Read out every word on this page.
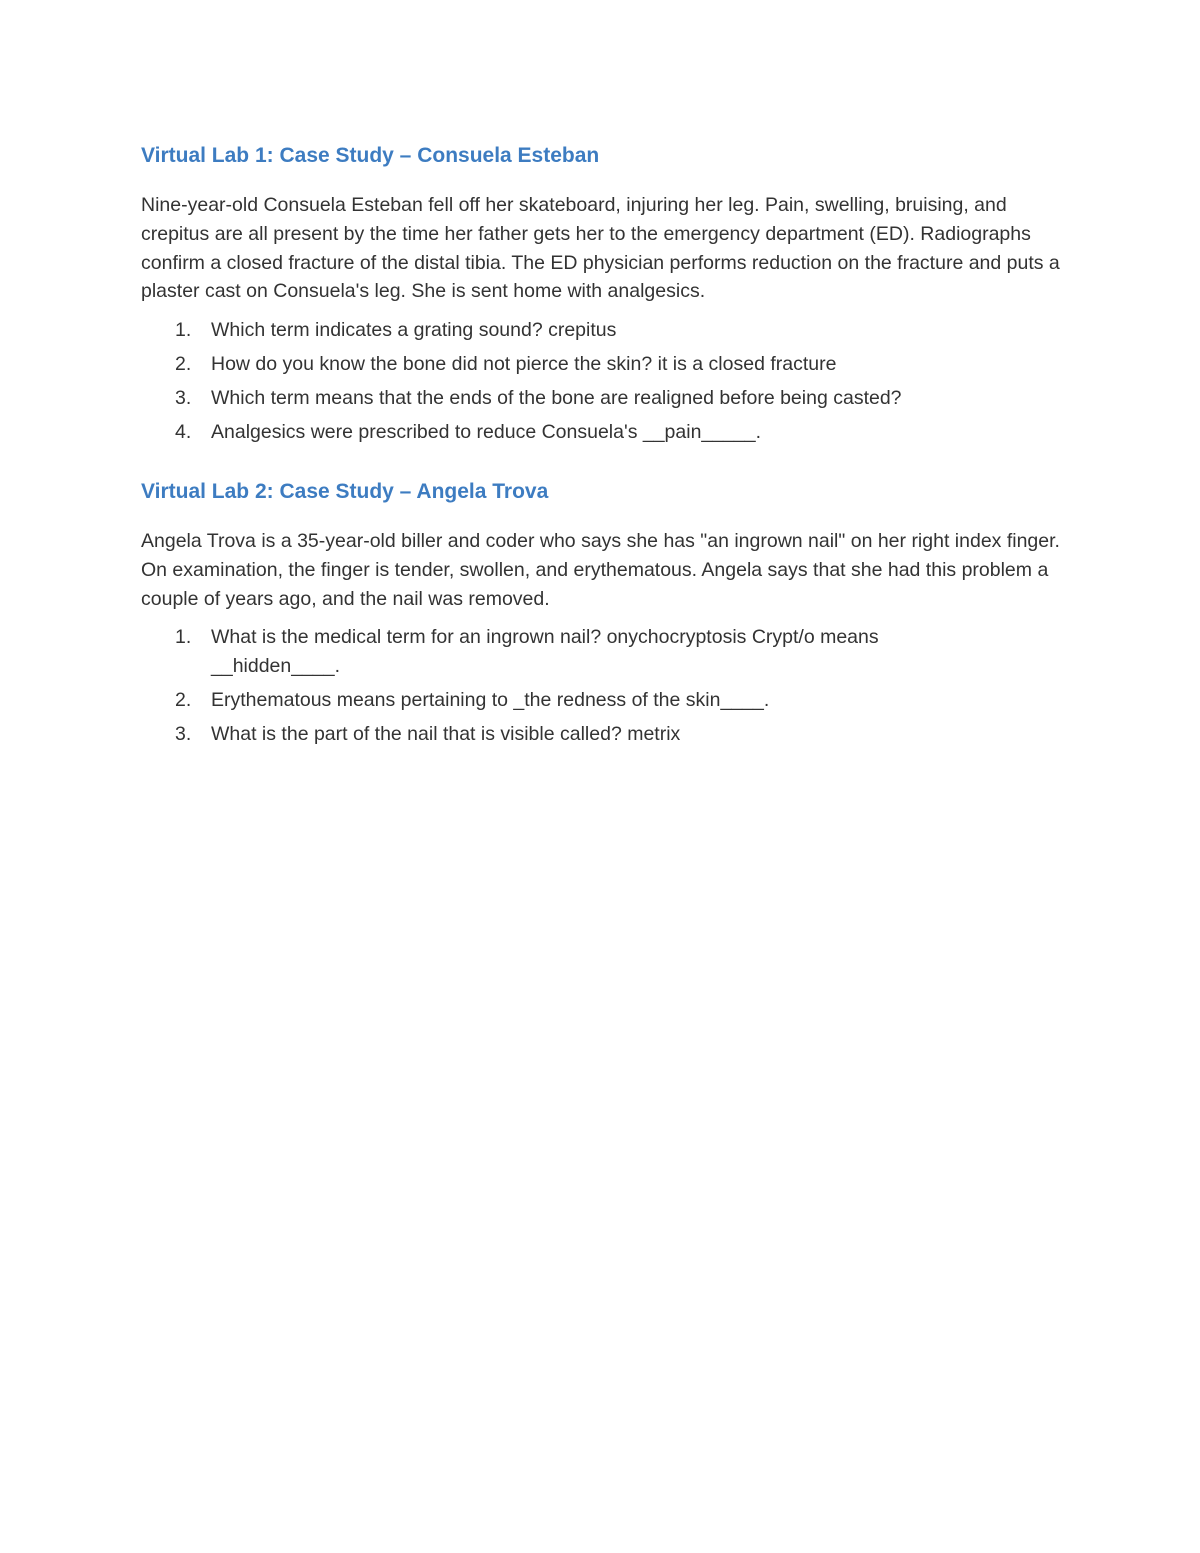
Virtual Lab 1: Case Study – Consuela Esteban

Nine-year-old Consuela Esteban fell off her skateboard, injuring her leg. Pain, swelling, bruising, and crepitus are all present by the time her father gets her to the emergency department (ED). Radiographs confirm a closed fracture of the distal tibia. The ED physician performs reduction on the fracture and puts a plaster cast on Consuela's leg. She is sent home with analgesics.

1. Which term indicates a grating sound? crepitus
2. How do you know the bone did not pierce the skin? it is a closed fracture
3. Which term means that the ends of the bone are realigned before being casted?
4. Analgesics were prescribed to reduce Consuela's __pain_____.
Virtual Lab 2: Case Study – Angela Trova

Angela Trova is a 35-year-old biller and coder who says she has "an ingrown nail" on her right index finger. On examination, the finger is tender, swollen, and erythematous. Angela says that she had this problem a couple of years ago, and the nail was removed.

1. What is the medical term for an ingrown nail? onychocryptosis Crypt/o means
__hidden____.
2. Erythematous means pertaining to _the redness of the skin____.
3. What is the part of the nail that is visible called? metrix
